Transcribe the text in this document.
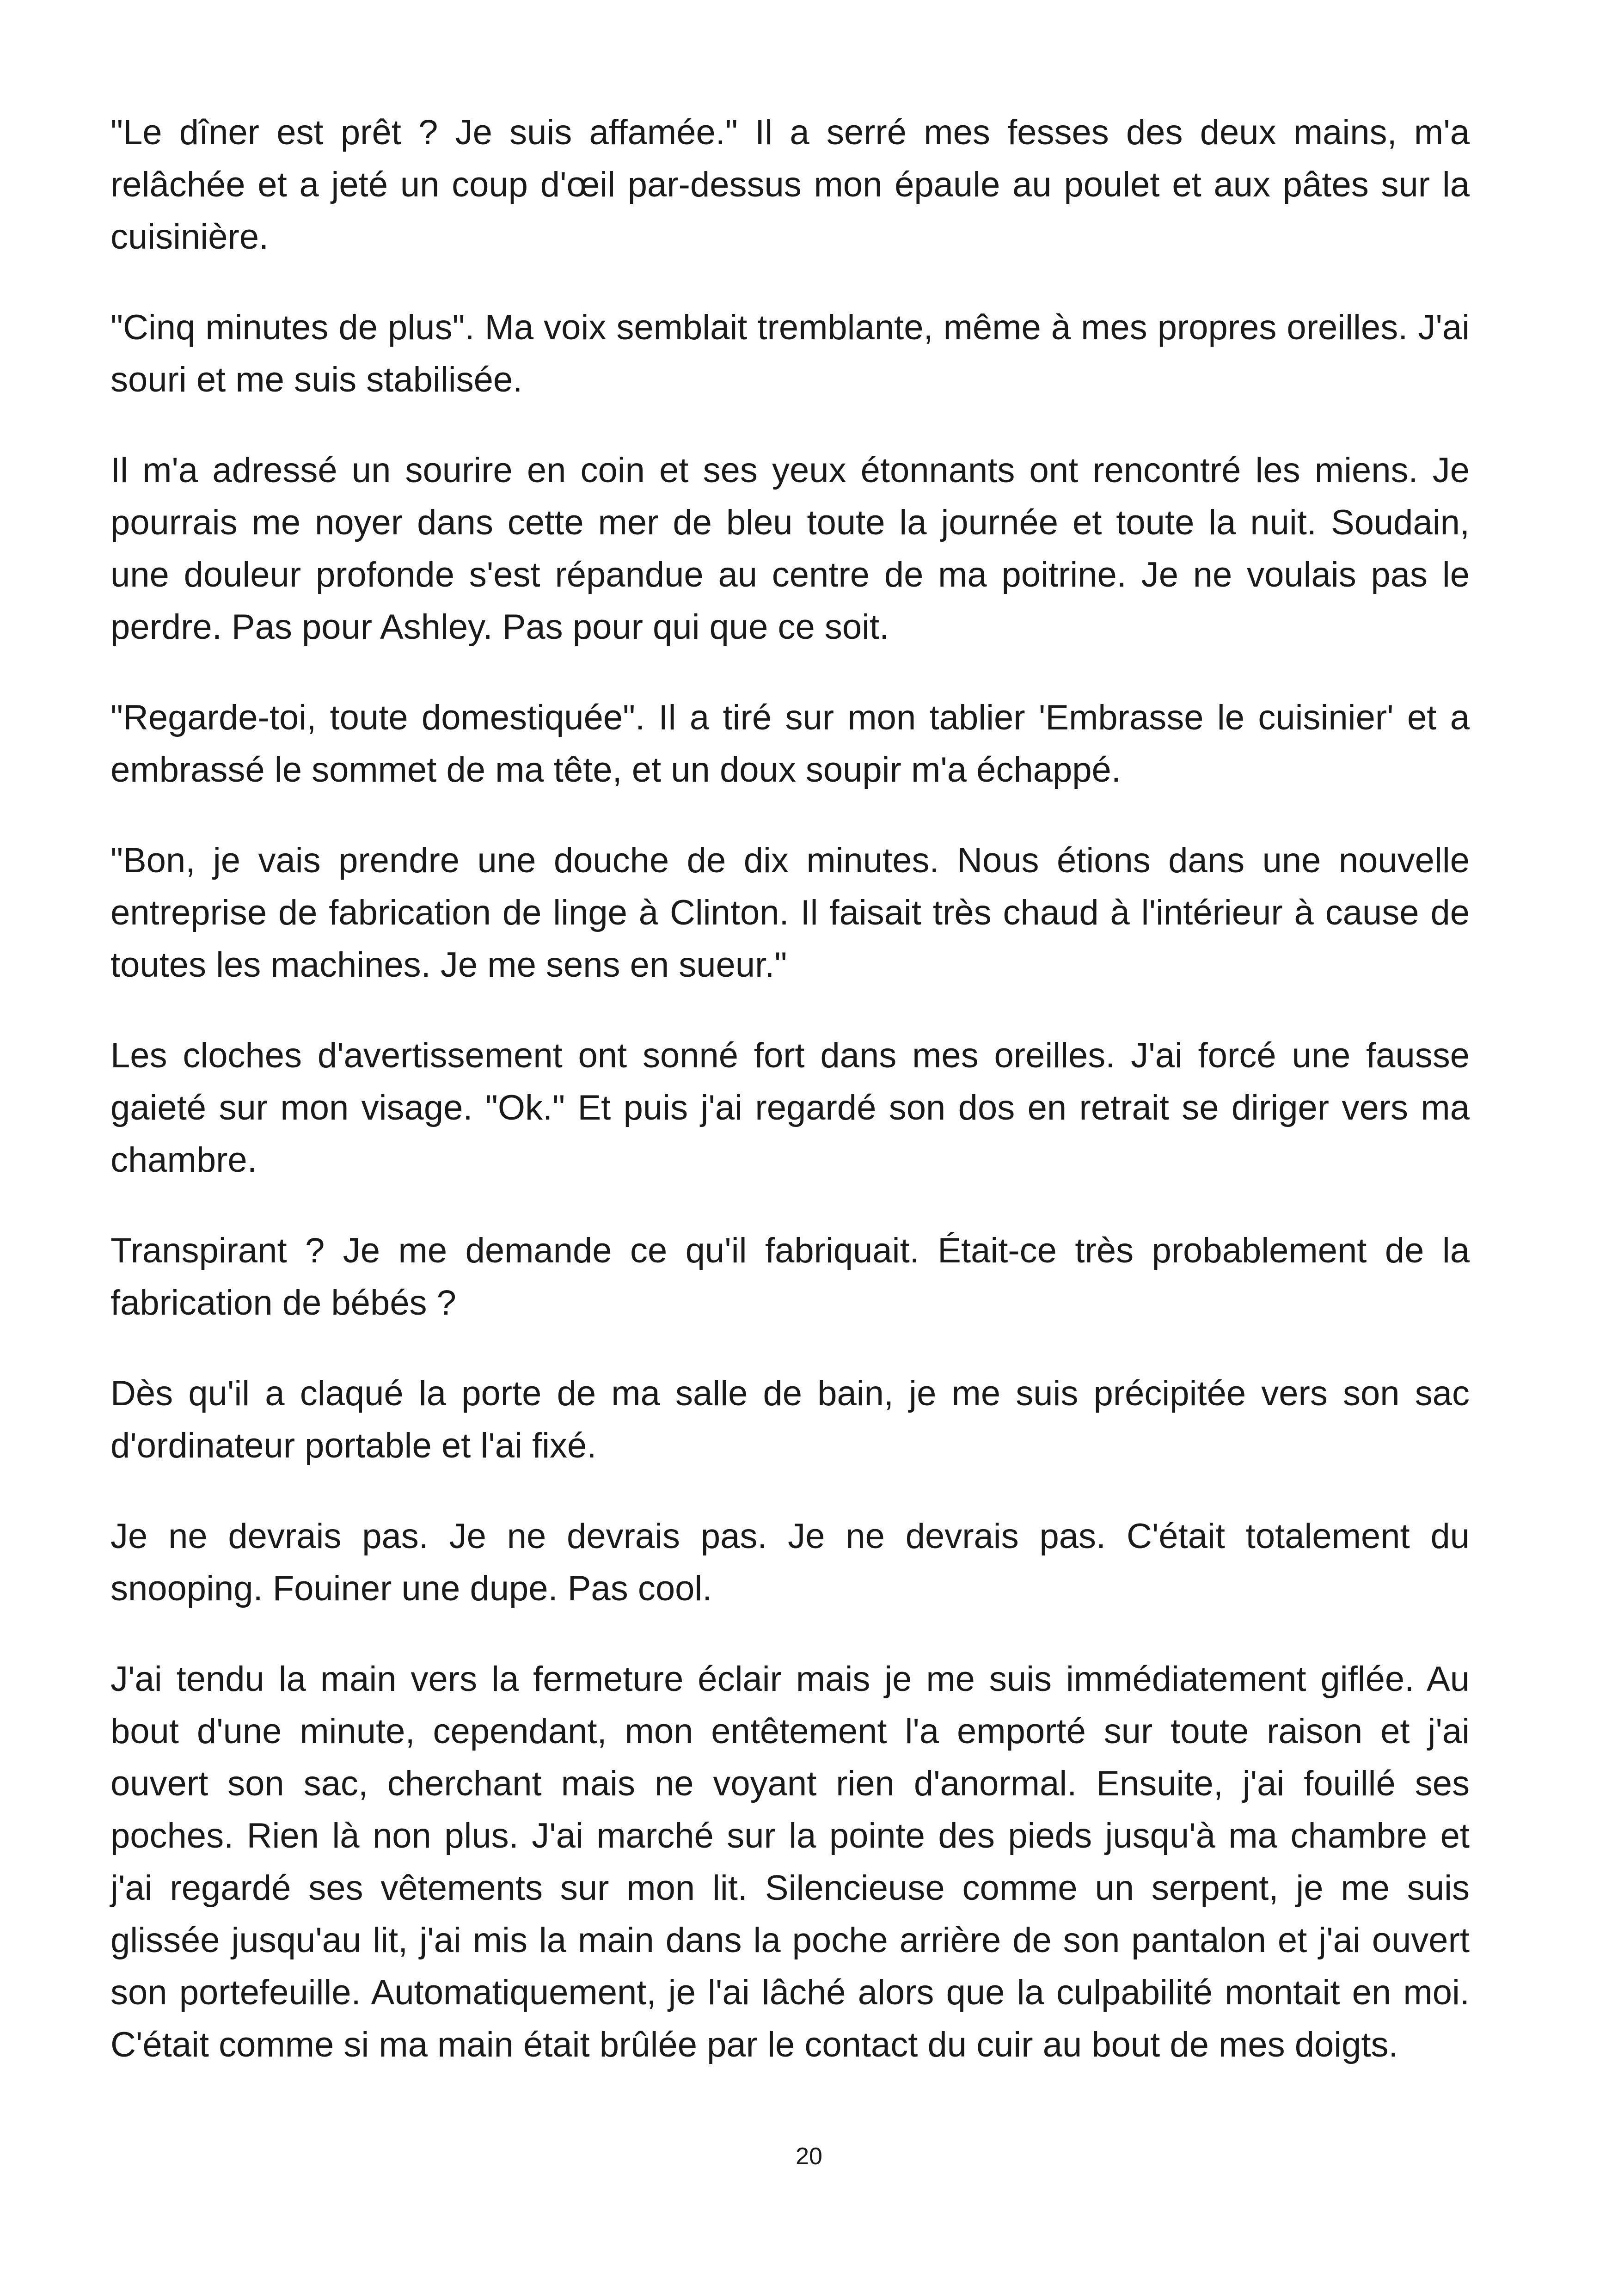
"Le dîner est prêt ? Je suis affamée." Il a serré mes fesses des deux mains, m'a relâchée et a jeté un coup d'œil par-dessus mon épaule au poulet et aux pâtes sur la cuisinière.

"Cinq minutes de plus". Ma voix semblait tremblante, même à mes propres oreilles. J'ai souri et me suis stabilisée.

Il m'a adressé un sourire en coin et ses yeux étonnants ont rencontré les miens. Je pourrais me noyer dans cette mer de bleu toute la journée et toute la nuit. Soudain, une douleur profonde s'est répandue au centre de ma poitrine. Je ne voulais pas le perdre. Pas pour Ashley. Pas pour qui que ce soit.

"Regarde-toi, toute domestiquée". Il a tiré sur mon tablier 'Embrasse le cuisinier' et a embrassé le sommet de ma tête, et un doux soupir m'a échappé.

"Bon, je vais prendre une douche de dix minutes. Nous étions dans une nouvelle entreprise de fabrication de linge à Clinton. Il faisait très chaud à l'intérieur à cause de toutes les machines. Je me sens en sueur."

Les cloches d'avertissement ont sonné fort dans mes oreilles. J'ai forcé une fausse gaieté sur mon visage. "Ok." Et puis j'ai regardé son dos en retrait se diriger vers ma chambre.

Transpirant ? Je me demande ce qu'il fabriquait. Était-ce très probablement de la fabrication de bébés ?

Dès qu'il a claqué la porte de ma salle de bain, je me suis précipitée vers son sac d'ordinateur portable et l'ai fixé.

Je ne devrais pas. Je ne devrais pas. Je ne devrais pas. C'était totalement du snooping. Fouiner une dupe. Pas cool.

J'ai tendu la main vers la fermeture éclair mais je me suis immédiatement giflée. Au bout d'une minute, cependant, mon entêtement l'a emporté sur toute raison et j'ai ouvert son sac, cherchant mais ne voyant rien d'anormal. Ensuite, j'ai fouillé ses poches. Rien là non plus. J'ai marché sur la pointe des pieds jusqu'à ma chambre et j'ai regardé ses vêtements sur mon lit. Silencieuse comme un serpent, je me suis glissée jusqu'au lit, j'ai mis la main dans la poche arrière de son pantalon et j'ai ouvert son portefeuille. Automatiquement, je l'ai lâché alors que la culpabilité montait en moi. C'était comme si ma main était brûlée par le contact du cuir au bout de mes doigts.

20
